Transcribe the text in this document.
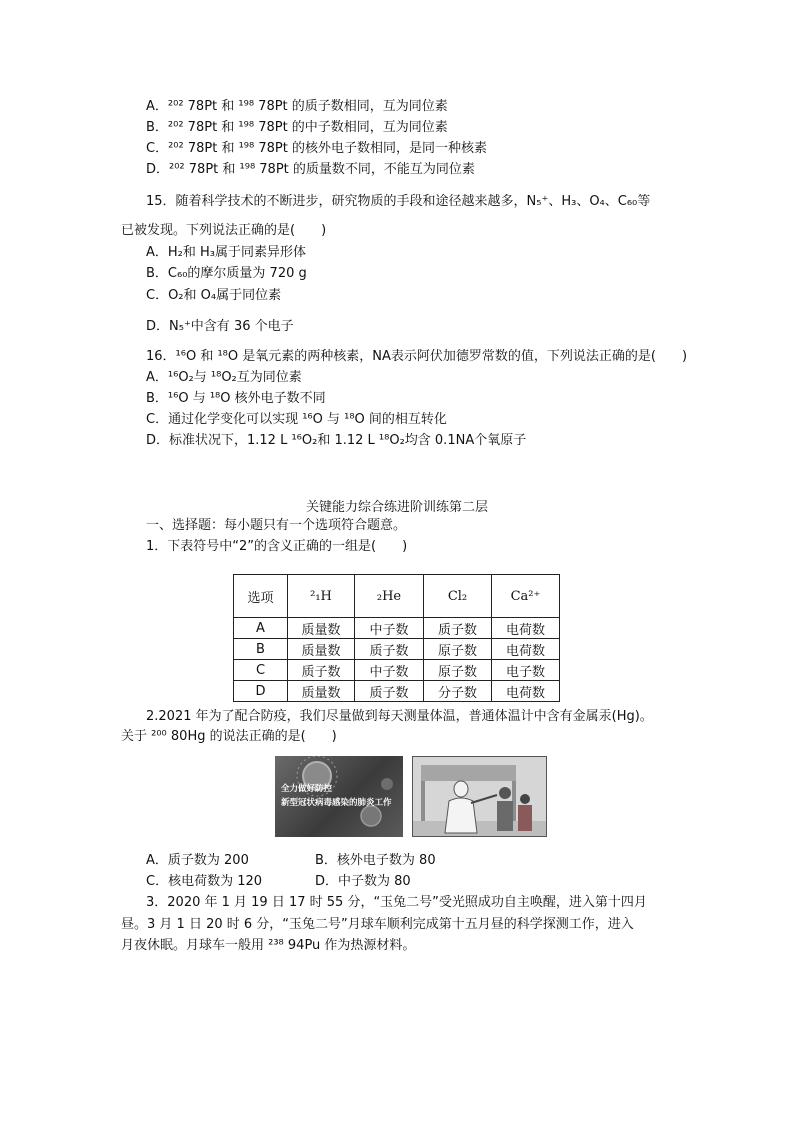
A．²⁰² 78Pt 和 ¹⁹⁸ 78Pt 的质子数相同，互为同位素
B．²⁰² 78Pt 和 ¹⁹⁸ 78Pt 的中子数相同，互为同位素
C．²⁰² 78Pt 和 ¹⁹⁸ 78Pt 的核外电子数相同，是同一种核素
D．²⁰² 78Pt 和 ¹⁹⁸ 78Pt 的质量数不同，不能互为同位素
15．随着科学技术的不断进步，研究物质的手段和途径越来越多，N₅⁺、H₃、O₄、C₆₀等
已被发现。下列说法正确的是(　　)
A．H₂和 H₃属于同素异形体
B．C₆₀的摩尔质量为 720 g
C．O₂和 O₄属于同位素
D．N₅⁺中含有 36 个电子
16．¹⁶O 和 ¹⁸O 是氧元素的两种核素，NA表示阿伏加德罗常数的值，下列说法正确的是(　　)
A．¹⁶O₂与 ¹⁸O₂互为同位素
B．¹⁶O 与 ¹⁸O 核外电子数不同
C．通过化学变化可以实现 ¹⁶O 与 ¹⁸O 间的相互转化
D．标准状况下，1.12 L ¹⁶O₂和 1.12 L ¹⁸O₂均含 0.1NA个氧原子
关键能力综合练进阶训练第二层
一、选择题：每小题只有一个选项符合题意。
1．下表符号中“2”的含义正确的一组是(　　)
选项	²₁H	₂He	Cl₂	Ca²⁺
A	质量数	中子数	质子数	电荷数
B	质量数	质子数	原子数	电荷数
C	质子数	中子数	原子数	电子数
D	质量数	质子数	分子数	电荷数
2.2021 年为了配合防疫，我们尽量做到每天测量体温，普通体温计中含有金属汞(Hg)。
关于 ²⁰⁰ 80Hg 的说法正确的是(　　)
全力做好防控
新型冠状病毒感染的肺炎工作
A．质子数为 200	B．核外电子数为 80
C．核电荷数为 120	D．中子数为 80
3．2020 年 1 月 19 日 17 时 55 分，“玉兔二号”受光照成功自主唤醒，进入第十四月
昼。3 月 1 日 20 时 6 分，“玉兔二号”月球车顺利完成第十五月昼的科学探测工作，进入
月夜休眠。月球车一般用 ²³⁸ 94Pu 作为热源材料。
